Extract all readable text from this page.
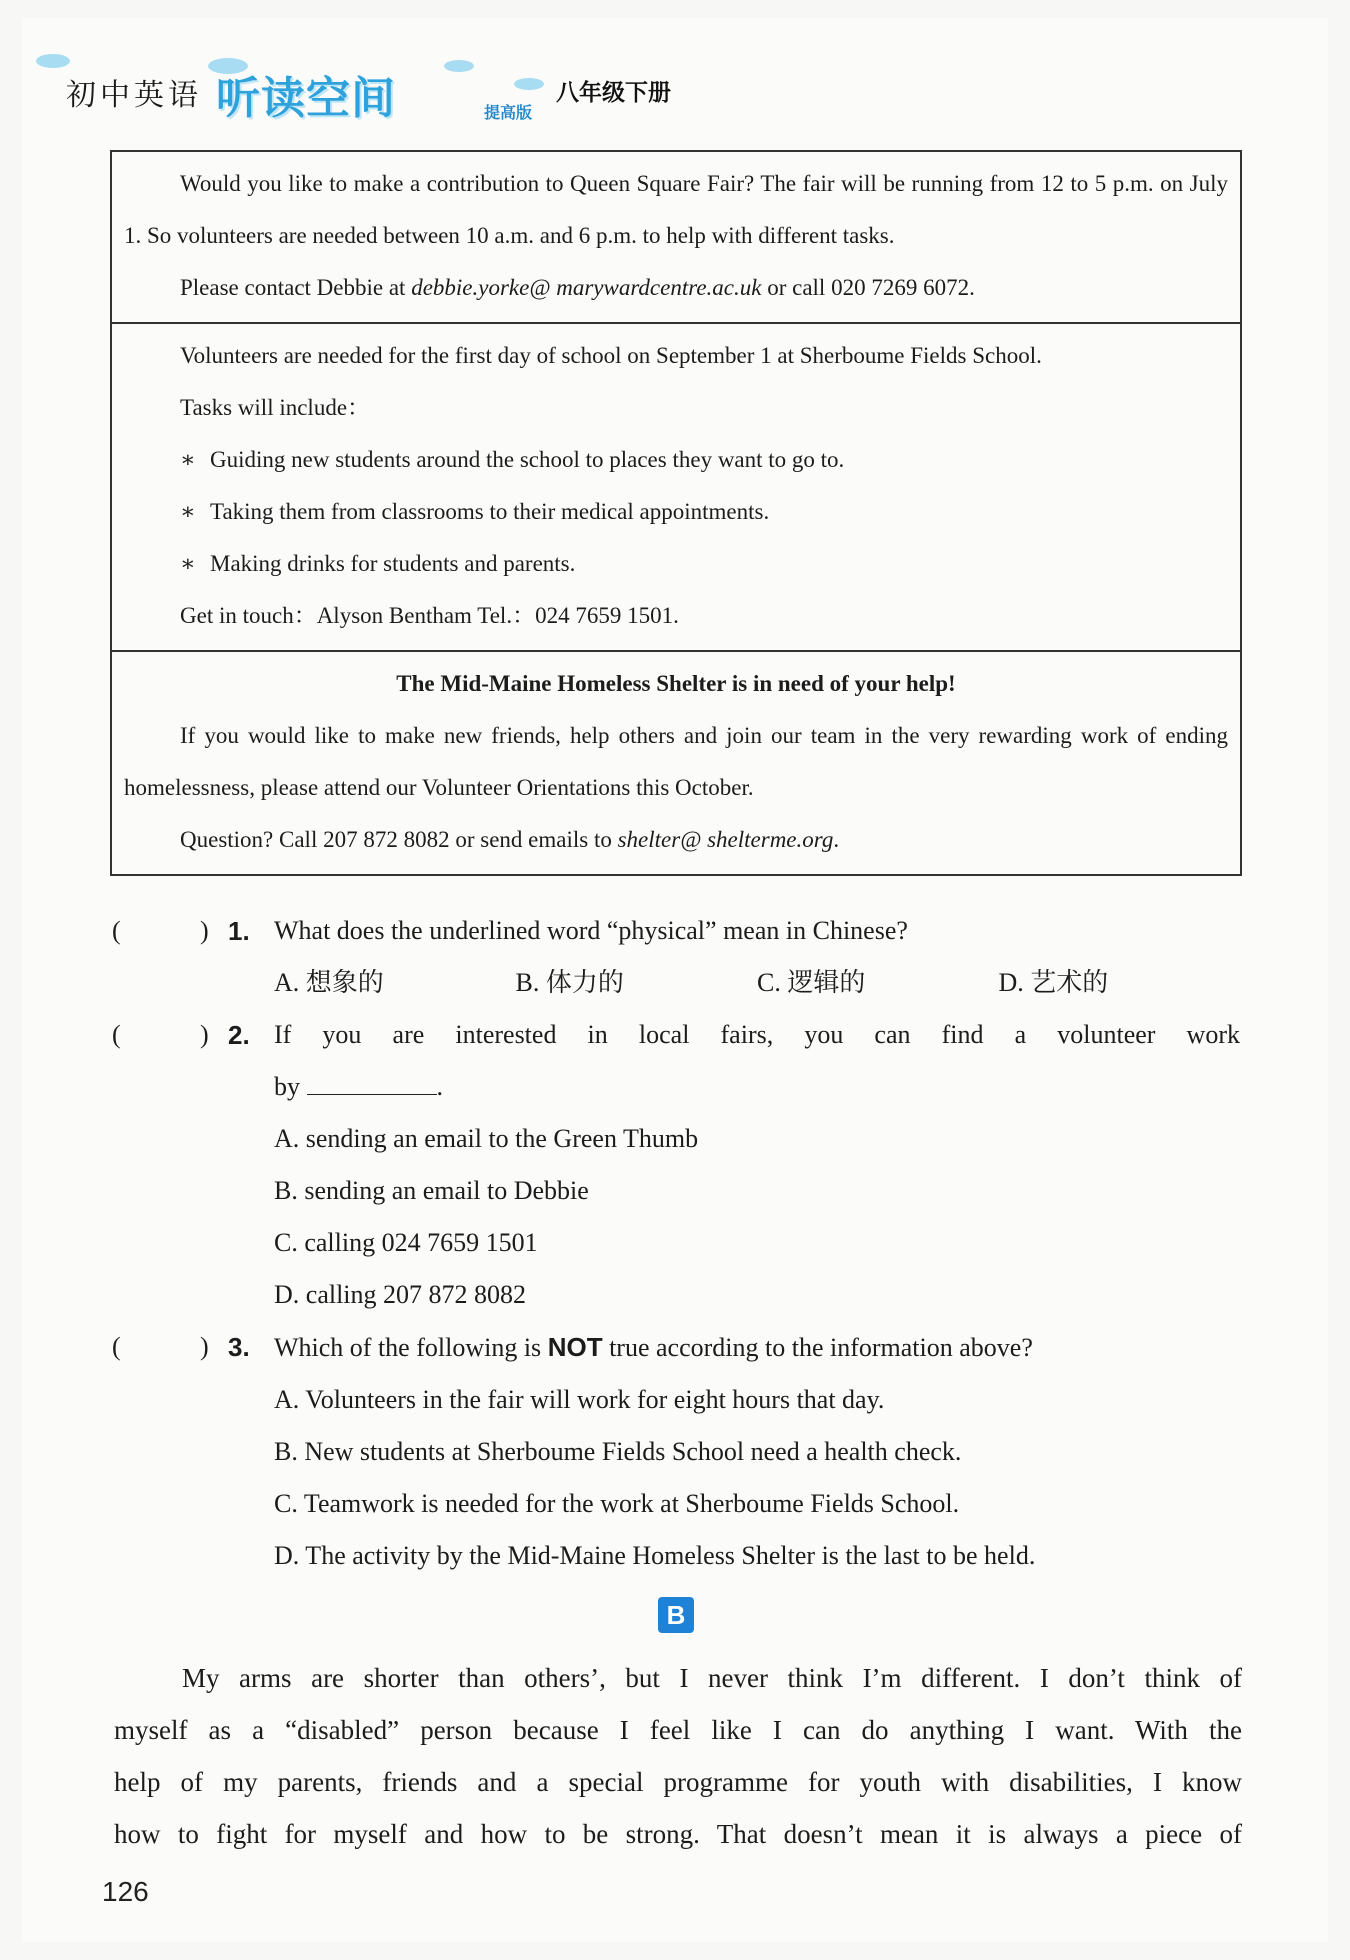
初中英语 听读空间	提高版
八年级下册
Would you like to make a contribution to Queen Square Fair? The fair will be running from 12 to 5 p.m. on July 1. So volunteers are needed between 10 a.m. and 6 p.m. to help with different tasks.
Please contact Debbie at debbie.yorke@ marywardcentre.ac.uk or call 020 7269 6072.
Volunteers are needed for the first day of school on September 1 at Sherboume Fields School.
Tasks will include：
∗ Guiding new students around the school to places they want to go to.
∗ Taking them from classrooms to their medical appointments.
∗ Making drinks for students and parents.
Get in touch：Alyson Bentham Tel.：024 7659 1501.
The Mid-Maine Homeless Shelter is in need of your help!
If you would like to make new friends, help others and join our team in the very rewarding work of ending homelessness, please attend our Volunteer Orientations this October.
Question? Call 207 872 8082 or send emails to shelter@ shelterme.org.
(	) 1. What does the underlined word “physical” mean in Chinese?
A. 想象的	B. 体力的	C. 逻辑的	D. 艺术的
(	) 2. If you are interested in local fairs, you can find a volunteer work
by	.
A. sending an email to the Green Thumb
B. sending an email to Debbie
C. calling 024 7659 1501
D. calling 207 872 8082
(	) 3. Which of the following is NOT true according to the information above?
A. Volunteers in the fair will work for eight hours that day.
B. New students at Sherboume Fields School need a health check.
C. Teamwork is needed for the work at Sherboume Fields School.
D. The activity by the Mid-Maine Homeless Shelter is the last to be held.
B
My arms are shorter than others’, but I never think I’m different. I don’t think of
myself as a “disabled” person because I feel like I can do anything I want. With the
help of my parents, friends and a special programme for youth with disabilities, I know
how to fight for myself and how to be strong. That doesn’t mean it is always a piece of
126
